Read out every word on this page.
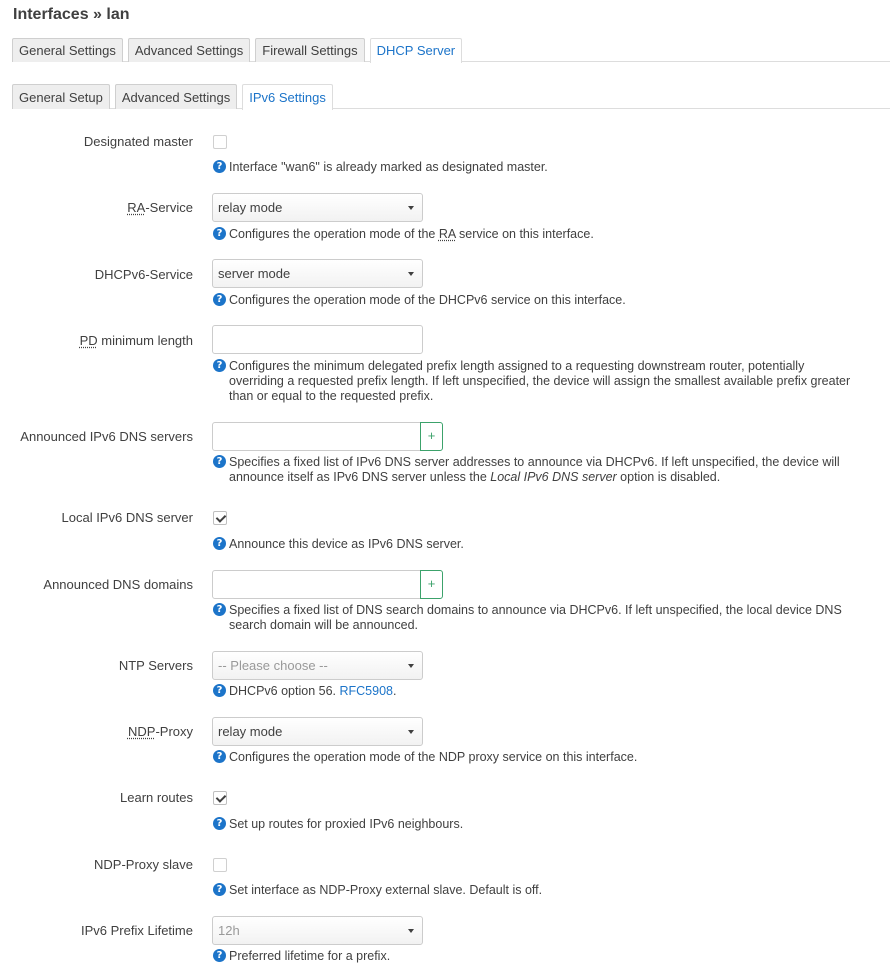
Interfaces » lan
General Settings	Advanced Settings	Firewall Settings	DHCP Server
General Setup	Advanced Settings	IPv6 Settings
Designated master
? Interface "wan6" is already marked as designated master.
RA-Service	relay mode
? Configures the operation mode of the RA service on this interface.
DHCPv6-Service	server mode
? Configures the operation mode of the DHCPv6 service on this interface.
PD minimum length
? Configures the minimum delegated prefix length assigned to a requesting downstream router, potentially
overriding a requested prefix length. If left unspecified, the device will assign the smallest available prefix greater
than or equal to the requested prefix.
Announced IPv6 DNS servers	+
? Specifies a fixed list of IPv6 DNS server addresses to announce via DHCPv6. If left unspecified, the device will
announce itself as IPv6 DNS server unless the Local IPv6 DNS server option is disabled.
Local IPv6 DNS server
? Announce this device as IPv6 DNS server.
Announced DNS domains	+
? Specifies a fixed list of DNS search domains to announce via DHCPv6. If left unspecified, the local device DNS
search domain will be announced.
NTP Servers	-- Please choose --
? DHCPv6 option 56. RFC5908.
NDP-Proxy	relay mode
? Configures the operation mode of the NDP proxy service on this interface.
Learn routes
? Set up routes for proxied IPv6 neighbours.
NDP-Proxy slave
? Set interface as NDP-Proxy external slave. Default is off.
IPv6 Prefix Lifetime	12h
? Preferred lifetime for a prefix.
